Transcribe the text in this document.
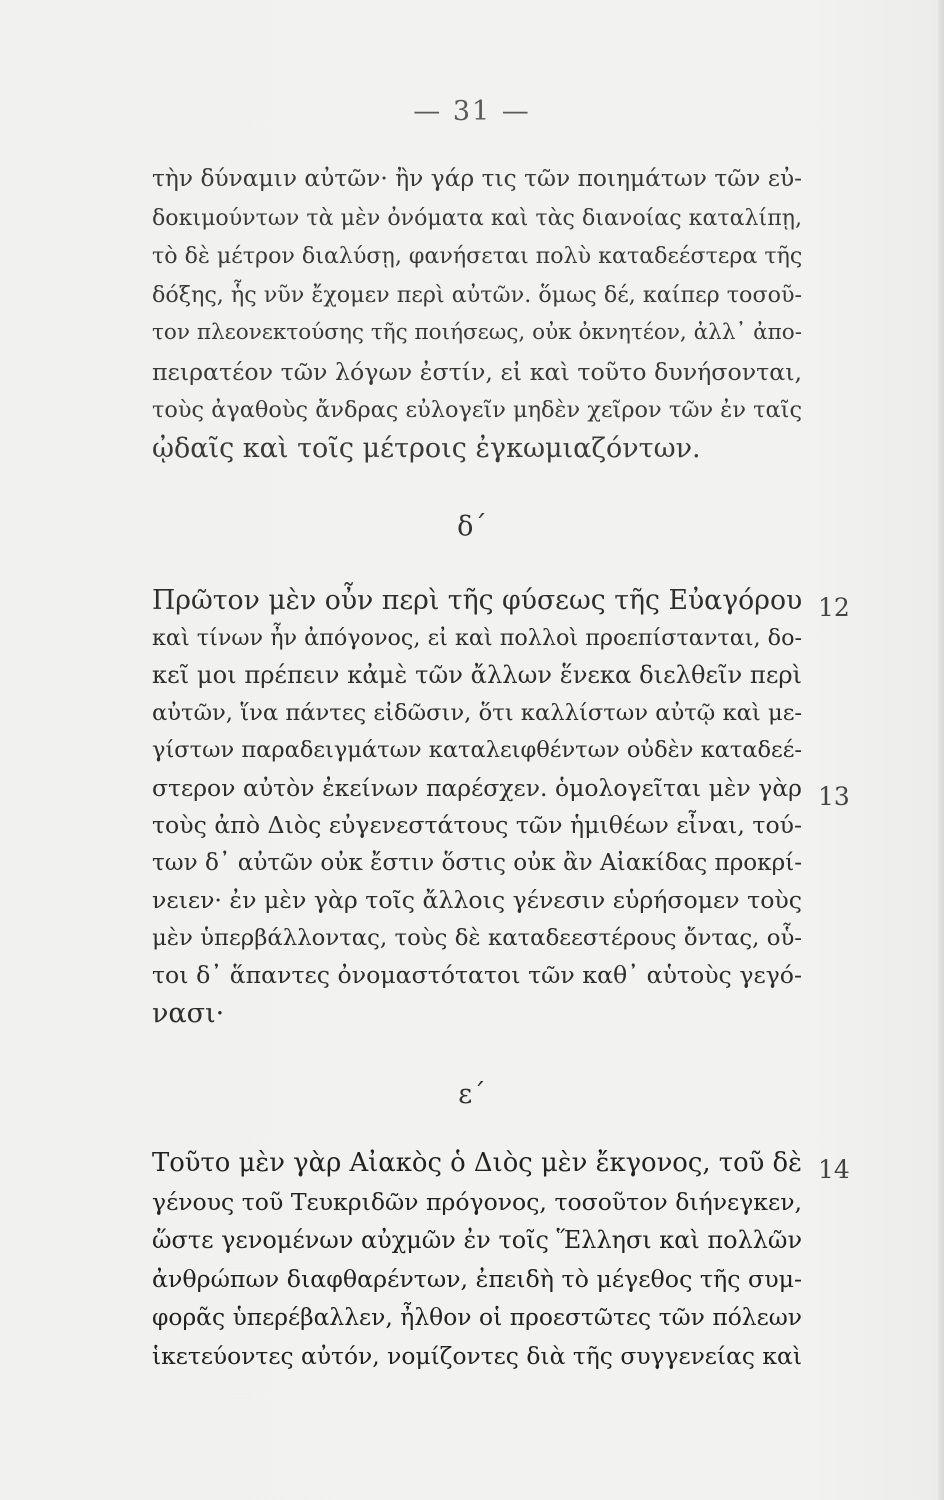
— 31 —
τὴν δύναμιν αὐτῶν· ἢν γάρ τις τῶν ποιημάτων τῶν εὐ-
δοκιμούντων τὰ μὲν ὀνόματα καὶ τὰς διανοίας καταλίπῃ,
τὸ δὲ μέτρον διαλύσῃ, φανήσεται πολὺ καταδεέστερα τῆς
δόξης, ἧς νῦν ἔχομεν περὶ αὐτῶν. ὅμως δέ, καίπερ τοσοῦ-
τον πλεονεκτούσης τῆς ποιήσεως, οὐκ ὀκνητέον, ἀλλ᾽ ἀπο-
πειρατέον τῶν λόγων ἐστίν, εἰ καὶ τοῦτο δυνήσονται,
τοὺς ἀγαθοὺς ἄνδρας εὐλογεῖν μηδὲν χεῖρον τῶν ἐν ταῖς
ᾠδαῖς καὶ τοῖς μέτροις ἐγκωμιαζόντων.
δ΄
Πρῶτον μὲν οὖν περὶ τῆς φύσεως τῆς Εὐαγόρου
καὶ τίνων ἦν ἀπόγονος, εἰ καὶ πολλοὶ προεπίστανται, δο-
κεῖ μοι πρέπειν κἀμὲ τῶν ἄλλων ἕνεκα διελθεῖν περὶ
αὐτῶν, ἵνα πάντες εἰδῶσιν, ὅτι καλλίστων αὐτῷ καὶ με-
γίστων παραδειγμάτων καταλειφθέντων οὐδὲν καταδεέ-
στερον αὐτὸν ἐκείνων παρέσχεν. ὁμολογεῖται μὲν γὰρ
τοὺς ἀπὸ Διὸς εὐγενεστάτους τῶν ἡμιθέων εἶναι, τού-
των δ᾽ αὐτῶν οὐκ ἔστιν ὅστις οὐκ ἂν Αἰακίδας προκρί-
νειεν· ἐν μὲν γὰρ τοῖς ἄλλοις γένεσιν εὑρήσομεν τοὺς
μὲν ὑπερβάλλοντας, τοὺς δὲ καταδεεστέρους ὄντας, οὗ-
τοι δ᾽ ἅπαντες ὀνομαστότατοι τῶν καθ᾽ αὑτοὺς γεγό-
νασι·
ε΄
Τοῦτο μὲν γὰρ Αἰακὸς ὁ Διὸς μὲν ἔκγονος, τοῦ δὲ
γένους τοῦ Τευκριδῶν πρόγονος, τοσοῦτον διήνεγκεν,
ὥστε γενομένων αὐχμῶν ἐν τοῖς Ἕλλησι καὶ πολλῶν
ἀνθρώπων διαφθαρέντων, ἐπειδὴ τὸ μέγεθος τῆς συμ-
φορᾶς ὑπερέβαλλεν, ἦλθον οἱ προεστῶτες τῶν πόλεων
ἱκετεύοντες αὐτόν, νομίζοντες διὰ τῆς συγγενείας καὶ
12
13
14
